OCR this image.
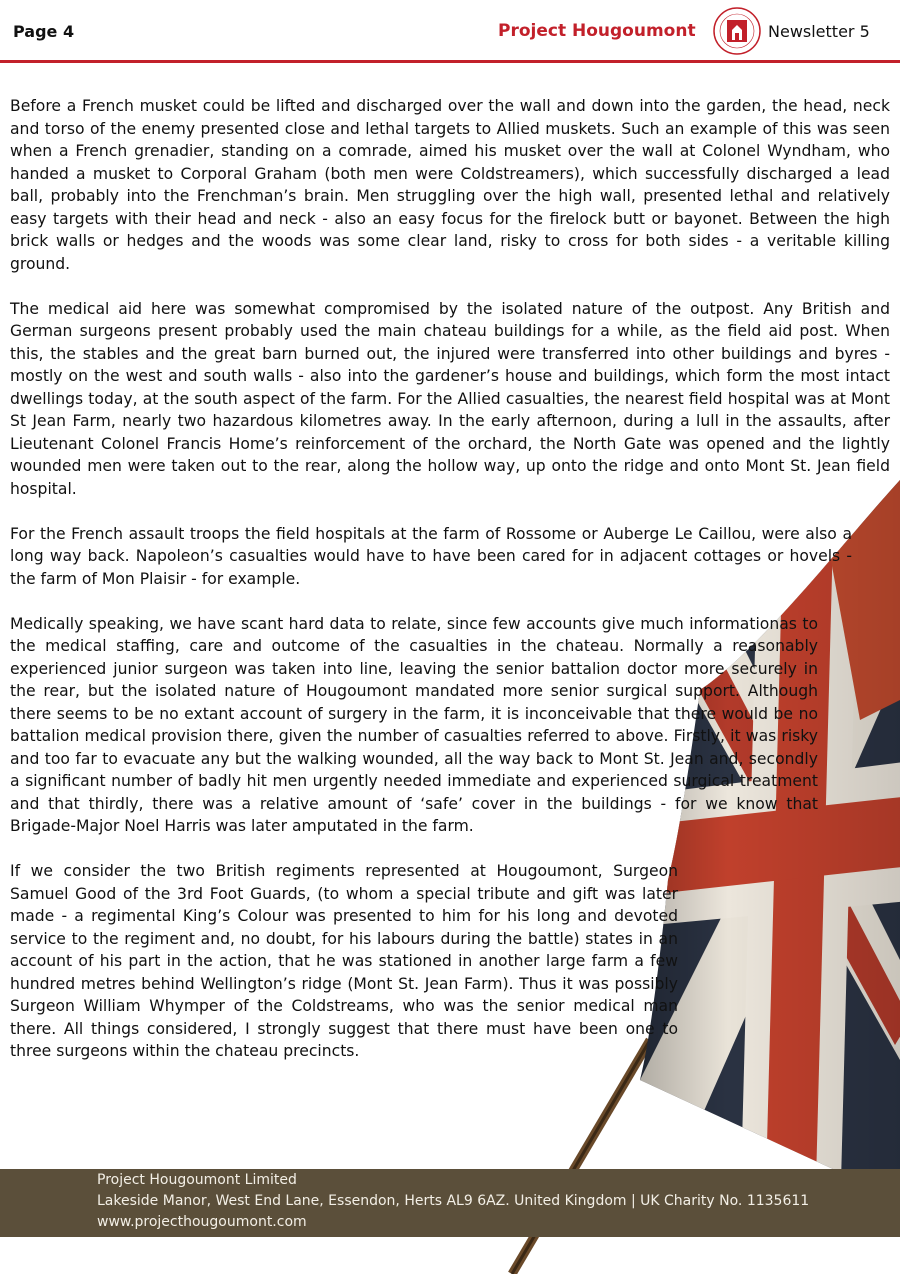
Page 4	Project Hougoumont	Newsletter 5

Before a French musket could be lifted and discharged over the wall and down into the garden, the head, neck and torso of the enemy presented close and lethal targets to Allied muskets. Such an example of this was seen when a French grenadier, standing on a comrade, aimed his musket over the wall at Colonel Wyndham, who handed a musket to Corporal Graham (both men were Coldstreamers), which successfully discharged a lead ball, probably into the Frenchman’s brain. Men struggling over the high wall, presented lethal and relatively easy targets with their head and neck - also an easy focus for the firelock butt or bayonet. Between the high brick walls or hedges and the woods was some clear land, risky to cross for both sides - a veritable killing ground.

The medical aid here was somewhat compromised by the isolated nature of the outpost. Any British and German surgeons present probably used the main chateau buildings for a while, as the field aid post. When this, the stables and the great barn burned out, the injured were transferred into other buildings and byres - mostly on the west and south walls - also into the gardener’s house and buildings, which form the most intact dwellings today, at the south aspect of the farm. For the Allied casualties, the nearest field hospital was at Mont St Jean Farm, nearly two hazardous kilometres away. In the early afternoon, during a lull in the assaults, after Lieutenant Colonel Francis Home’s reinforcement of the orchard, the North Gate was opened and the lightly wounded men were taken out to the rear, along the hollow way, up onto the ridge and onto Mont St. Jean field hospital.

For the French assault troops the field hospitals at the farm of Rossome or Auberge Le Caillou, were also a long way back. Napoleon’s casualties would have to have been cared for in adjacent cottages or hovels - the farm of Mon Plaisir - for example.

Medically speaking, we have scant hard data to relate, since few accounts give much informationas to the medical staffing, care and outcome of the casualties in the chateau. Normally a reasonably experienced junior surgeon was taken into line, leaving the senior battalion doctor more securely in the rear, but the isolated nature of Hougoumont mandated more senior surgical support. Although there seems to be no extant account of surgery in the farm, it is inconceivable that there would be no battalion medical provision there, given the number of casualties referred to above. Firstly, it was risky and too far to evacuate any but the walking wounded, all the way back to Mont St. Jean and, secondly a significant number of badly hit men urgently needed immediate and experienced surgical treatment and that thirdly, there was a relative amount of ‘safe’ cover in the buildings - for we know that Brigade-Major Noel Harris was later amputated in the farm.

If we consider the two British regiments represented at Hougoumont, Surgeon Samuel Good of the 3rd Foot Guards, (to whom a special tribute and gift was later made - a regimental King’s Colour was presented to him for his long and devoted service to the regiment and, no doubt, for his labours during the battle) states in an account of his part in the action, that he was stationed in another large farm a few hundred metres behind Wellington’s ridge (Mont St. Jean Farm). Thus it was possibly Surgeon William Whymper of the Coldstreams, who was the senior medical man there. All things considered, I strongly suggest that there must have been one to three surgeons within the chateau precincts.

Project Hougoumont Limited
Lakeside Manor, West End Lane, Essendon, Herts AL9 6AZ. United Kingdom | UK Charity No. 1135611
www.projecthougoumont.com
